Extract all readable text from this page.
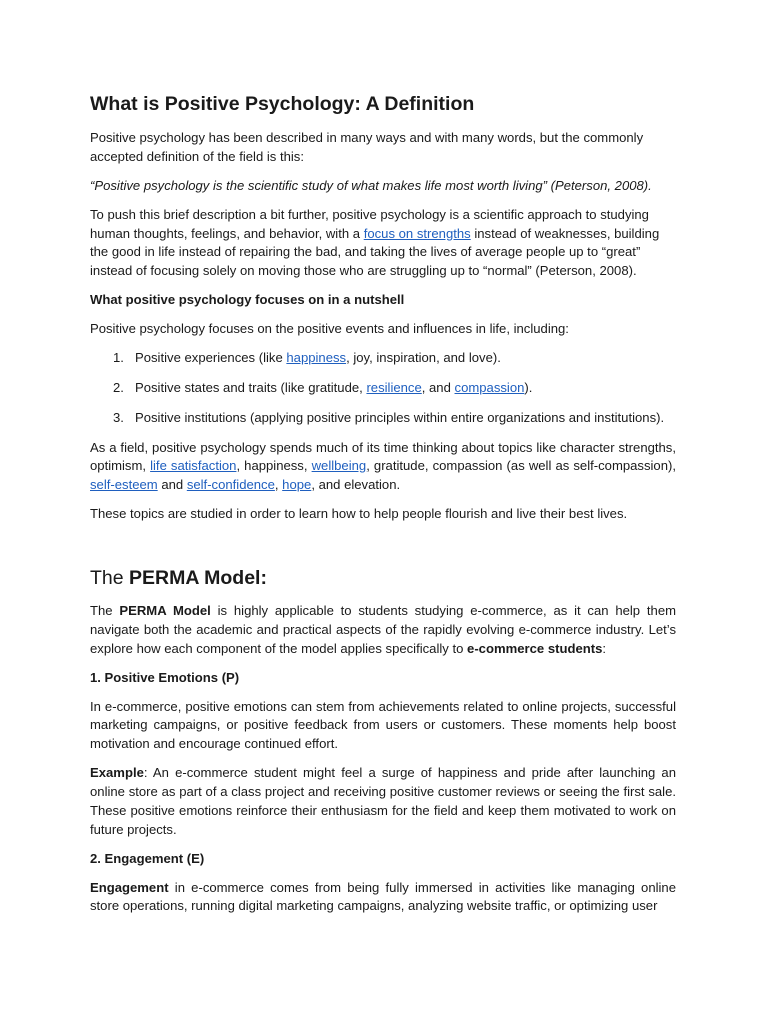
What is Positive Psychology: A Definition

Positive psychology has been described in many ways and with many words, but the commonly accepted definition of the field is this:

“Positive psychology is the scientific study of what makes life most worth living” (Peterson, 2008).

To push this brief description a bit further, positive psychology is a scientific approach to studying human thoughts, feelings, and behavior, with a focus on strengths instead of weaknesses, building the good in life instead of repairing the bad, and taking the lives of average people up to “great” instead of focusing solely on moving those who are struggling up to “normal” (Peterson, 2008).

What positive psychology focuses on in a nutshell

Positive psychology focuses on the positive events and influences in life, including:

1. Positive experiences (like happiness, joy, inspiration, and love).
2. Positive states and traits (like gratitude, resilience, and compassion).
3. Positive institutions (applying positive principles within entire organizations and institutions).

As a field, positive psychology spends much of its time thinking about topics like character strengths, optimism, life satisfaction, happiness, wellbeing, gratitude, compassion (as well as self-compassion), self-esteem and self-confidence, hope, and elevation.

These topics are studied in order to learn how to help people flourish and live their best lives.

The PERMA Model:

The PERMA Model is highly applicable to students studying e-commerce, as it can help them navigate both the academic and practical aspects of the rapidly evolving e-commerce industry. Let’s explore how each component of the model applies specifically to e-commerce students:

1. Positive Emotions (P)

In e-commerce, positive emotions can stem from achievements related to online projects, successful marketing campaigns, or positive feedback from users or customers. These moments help boost motivation and encourage continued effort.

Example: An e-commerce student might feel a surge of happiness and pride after launching an online store as part of a class project and receiving positive customer reviews or seeing the first sale. These positive emotions reinforce their enthusiasm for the field and keep them motivated to work on future projects.

2. Engagement (E)

Engagement in e-commerce comes from being fully immersed in activities like managing online store operations, running digital marketing campaigns, analyzing website traffic, or optimizing user
